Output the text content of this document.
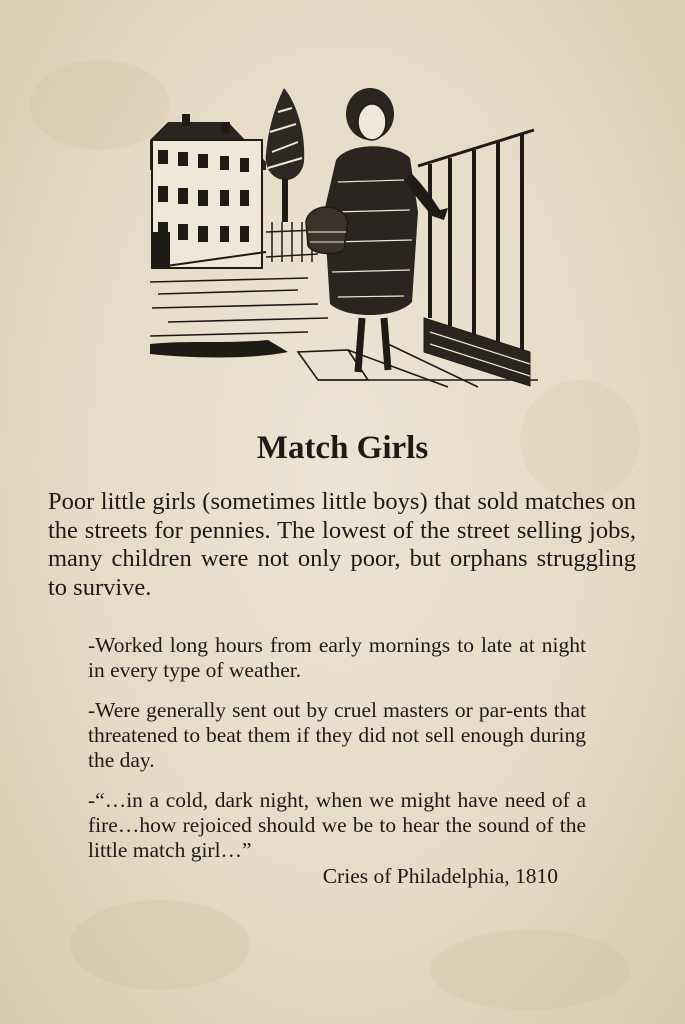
Match Girls

Poor little girls (sometimes little boys) that sold matches on the streets for pennies. The lowest of the street selling jobs, many children were not only poor, but orphans struggling to survive.

-Worked long hours from early mornings to late at night in every type of weather.

-Were generally sent out by cruel masters or par-ents that threatened to beat them if they did not sell enough during the day.

-“…in a cold, dark night, when we might have need of a fire…how rejoiced should we be to hear the sound of the little match girl…”

Cries of Philadelphia, 1810
